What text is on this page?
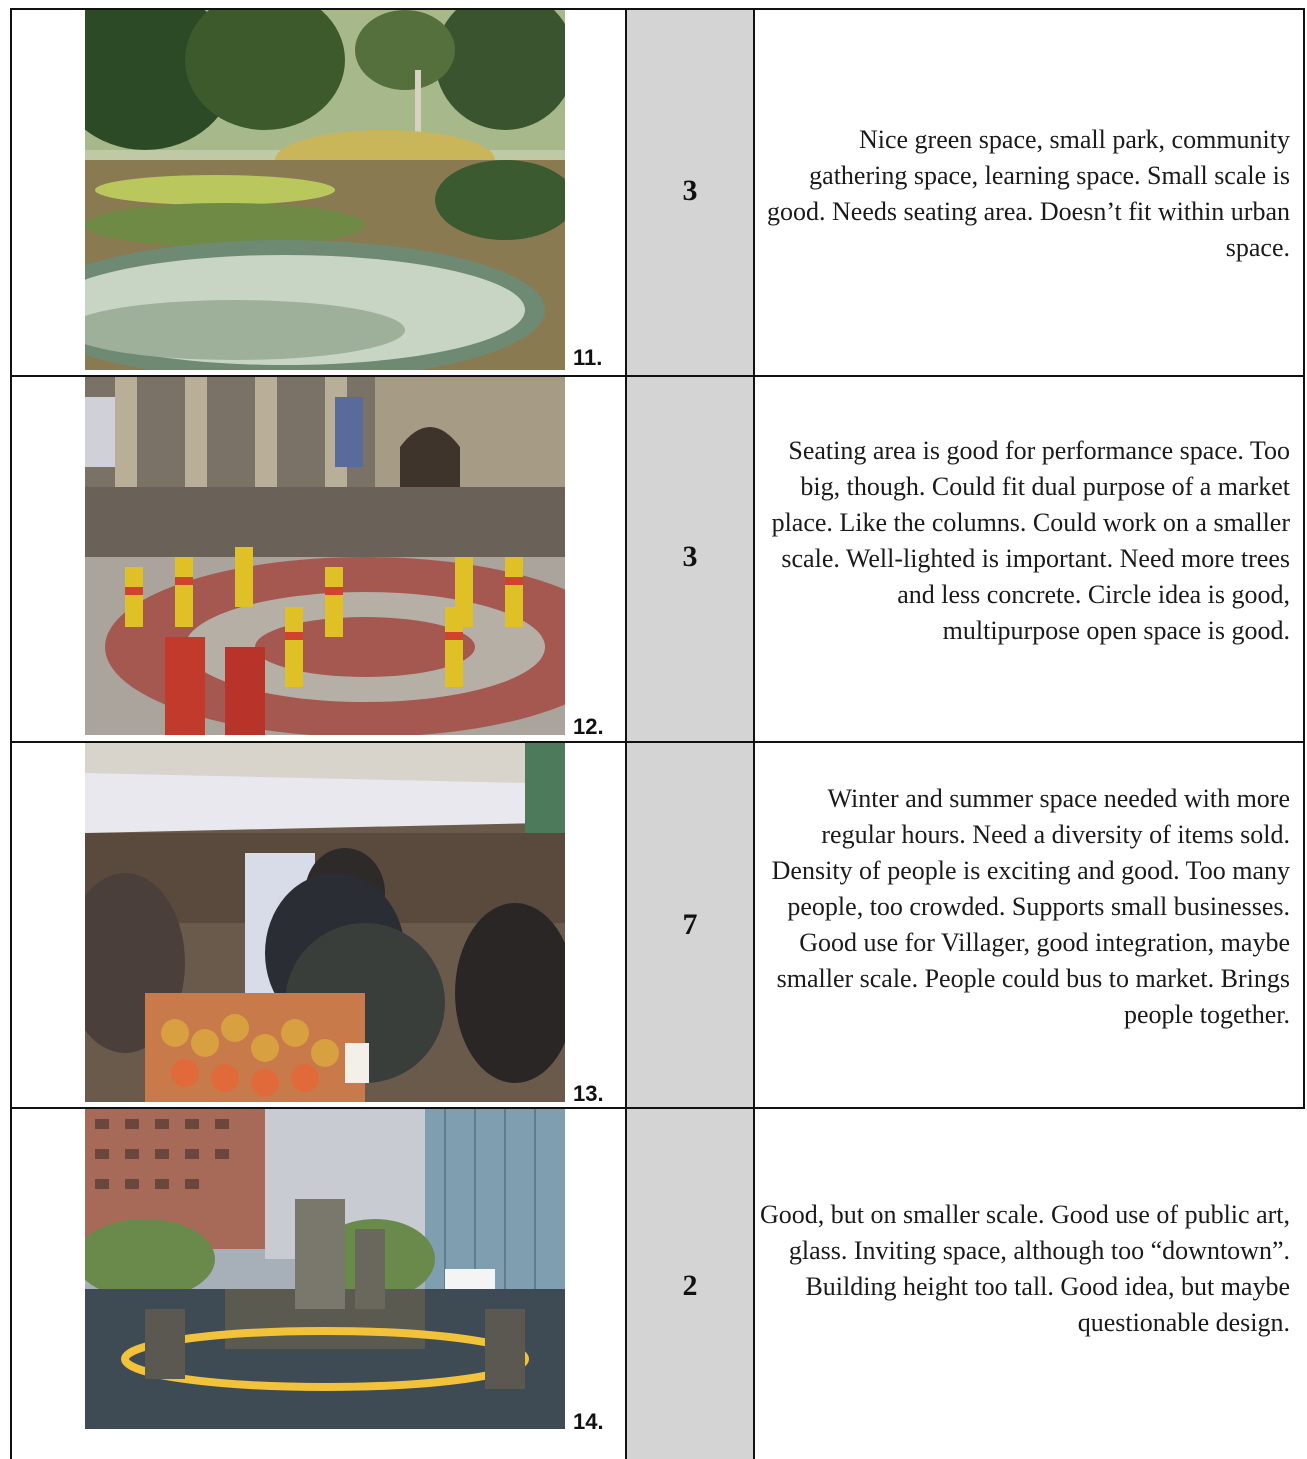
11.
3
Nice green space, small park, community gathering space, learning space. Small scale is good. Needs seating area. Doesn’t fit within urban space.
12.
3
Seating area is good for performance space. Too big, though. Could fit dual purpose of a market place. Like the columns. Could work on a smaller scale. Well-lighted is important. Need more trees and less concrete. Circle idea is good, multipurpose open space is good.
13.
7
Winter and summer space needed with more regular hours. Need a diversity of items sold. Density of people is exciting and good. Too many people, too crowded. Supports small businesses. Good use for Villager, good integration, maybe smaller scale. People could bus to market. Brings people together.
14.
2
Good, but on smaller scale. Good use of public art, glass. Inviting space, although too “downtown”. Building height too tall. Good idea, but maybe questionable design.
